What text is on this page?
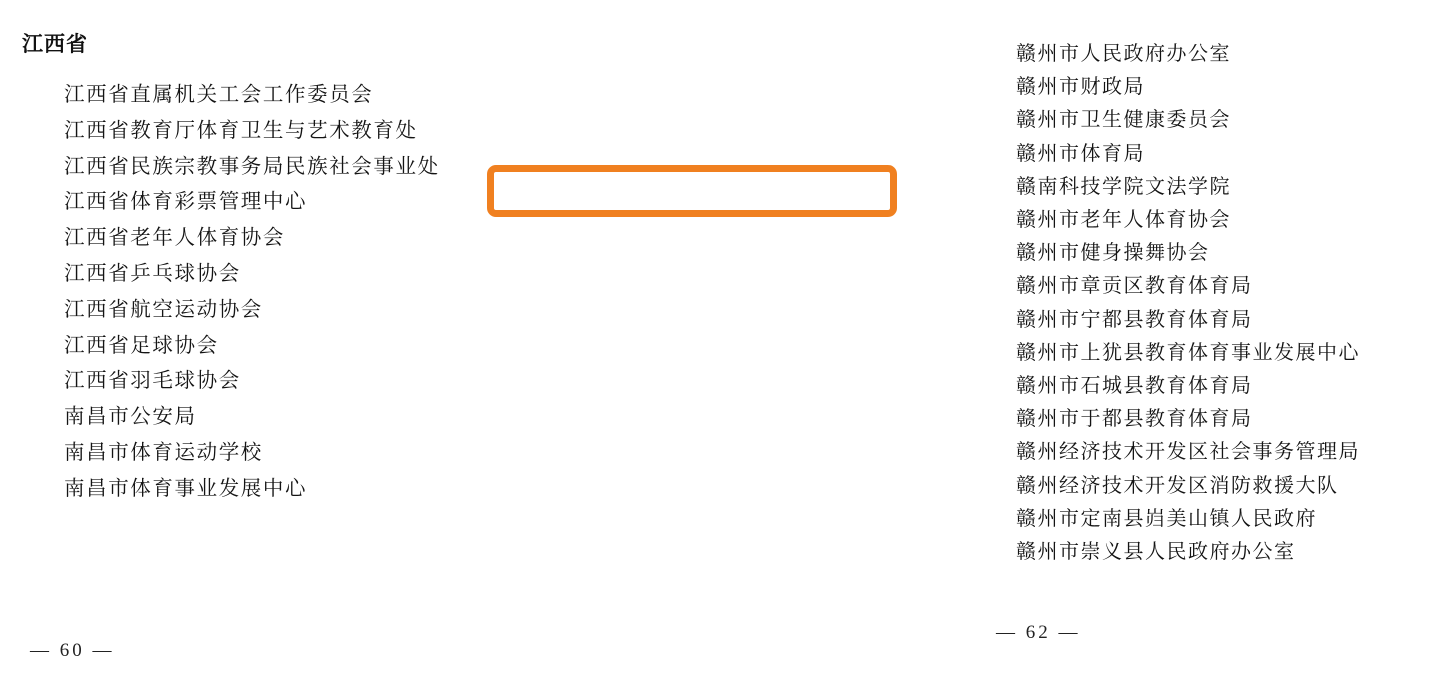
江西省
江西省直属机关工会工作委员会
江西省教育厅体育卫生与艺术教育处
江西省民族宗教事务局民族社会事业处
江西省体育彩票管理中心
江西省老年人体育协会
江西省乒乓球协会
江西省航空运动协会
江西省足球协会
江西省羽毛球协会
南昌市公安局
南昌市体育运动学校
南昌市体育事业发展中心
— 60 —
赣州市人民政府办公室
赣州市财政局
赣州市卫生健康委员会
赣州市体育局
赣南科技学院文法学院
赣州市老年人体育协会
赣州市健身操舞协会
赣州市章贡区教育体育局
赣州市宁都县教育体育局
赣州市上犹县教育体育事业发展中心
赣州市石城县教育体育局
赣州市于都县教育体育局
赣州经济技术开发区社会事务管理局
赣州经济技术开发区消防救援大队
赣州市定南县岿美山镇人民政府
赣州市崇义县人民政府办公室
— 62 —
